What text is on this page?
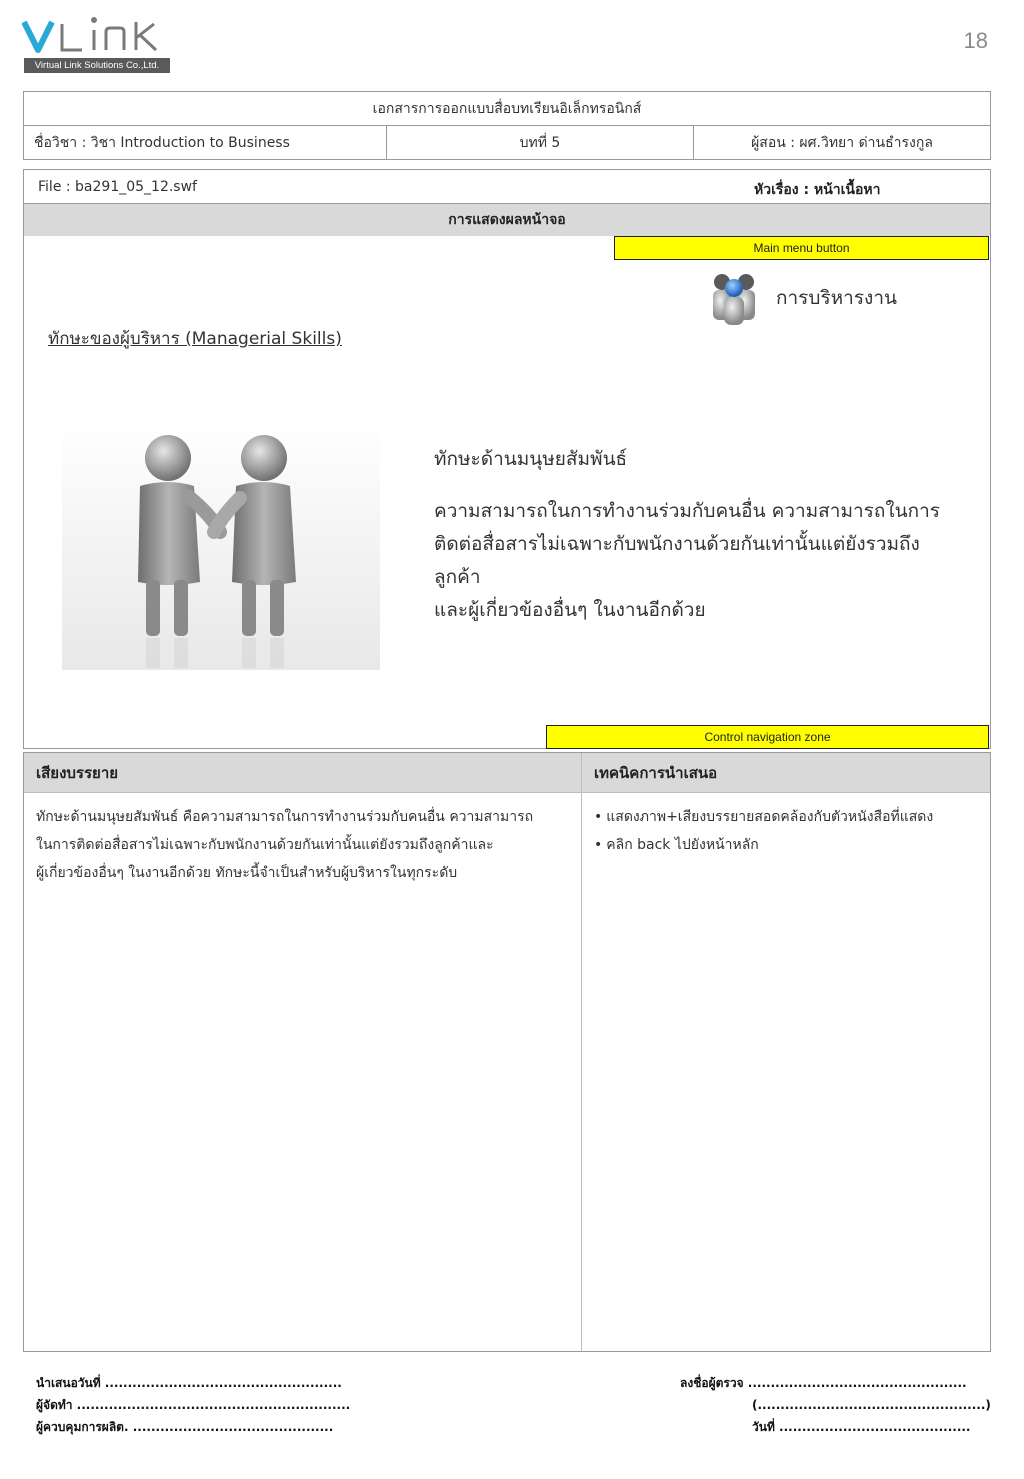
Virtual Link Solutions Co.,Ltd.
18
เอกสารการออกแบบสื่อบทเรียนอิเล็กทรอนิกส์
ชื่อวิชา : วิชา Introduction to Business	บทที่ 5	ผู้สอน : ผศ.วิทยา ด่านธำรงกูล
File : ba291_05_12.swf	หัวเรื่อง : หน้าเนื้อหา
การแสดงผลหน้าจอ
Main menu button
การบริหารงาน
ทักษะของผู้บริหาร (Managerial Skills)
ทักษะด้านมนุษยสัมพันธ์
ความสามารถในการทำงานร่วมกับคนอื่น ความสามารถในการ
ติดต่อสื่อสารไม่เฉพาะกับพนักงานด้วยกันเท่านั้นแต่ยังรวมถึงลูกค้า
และผู้เกี่ยวข้องอื่นๆ ในงานอีกด้วย
Control navigation zone
เสียงบรรยาย	เทคนิคการนำเสนอ
ทักษะด้านมนุษยสัมพันธ์ คือความสามารถในการทำงานร่วมกับคนอื่น ความสามารถ
ในการติดต่อสื่อสารไม่เฉพาะกับพนักงานด้วยกันเท่านั้นแต่ยังรวมถึงลูกค้าและ
ผู้เกี่ยวข้องอื่นๆ ในงานอีกด้วย ทักษะนี้จำเป็นสำหรับผู้บริหารในทุกระดับ
• แสดงภาพ+เสียงบรรยายสอดคล้องกับตัวหนังสือที่แสดง
• คลิก back ไปยังหน้าหลัก
นำเสนอวันที่ ....................................................
ผู้จัดทำ ............................................................
ผู้ควบคุมการผลิต. ............................................
ลงชื่อผู้ตรวจ ................................................
(..................................................)
วันที่ ..........................................
